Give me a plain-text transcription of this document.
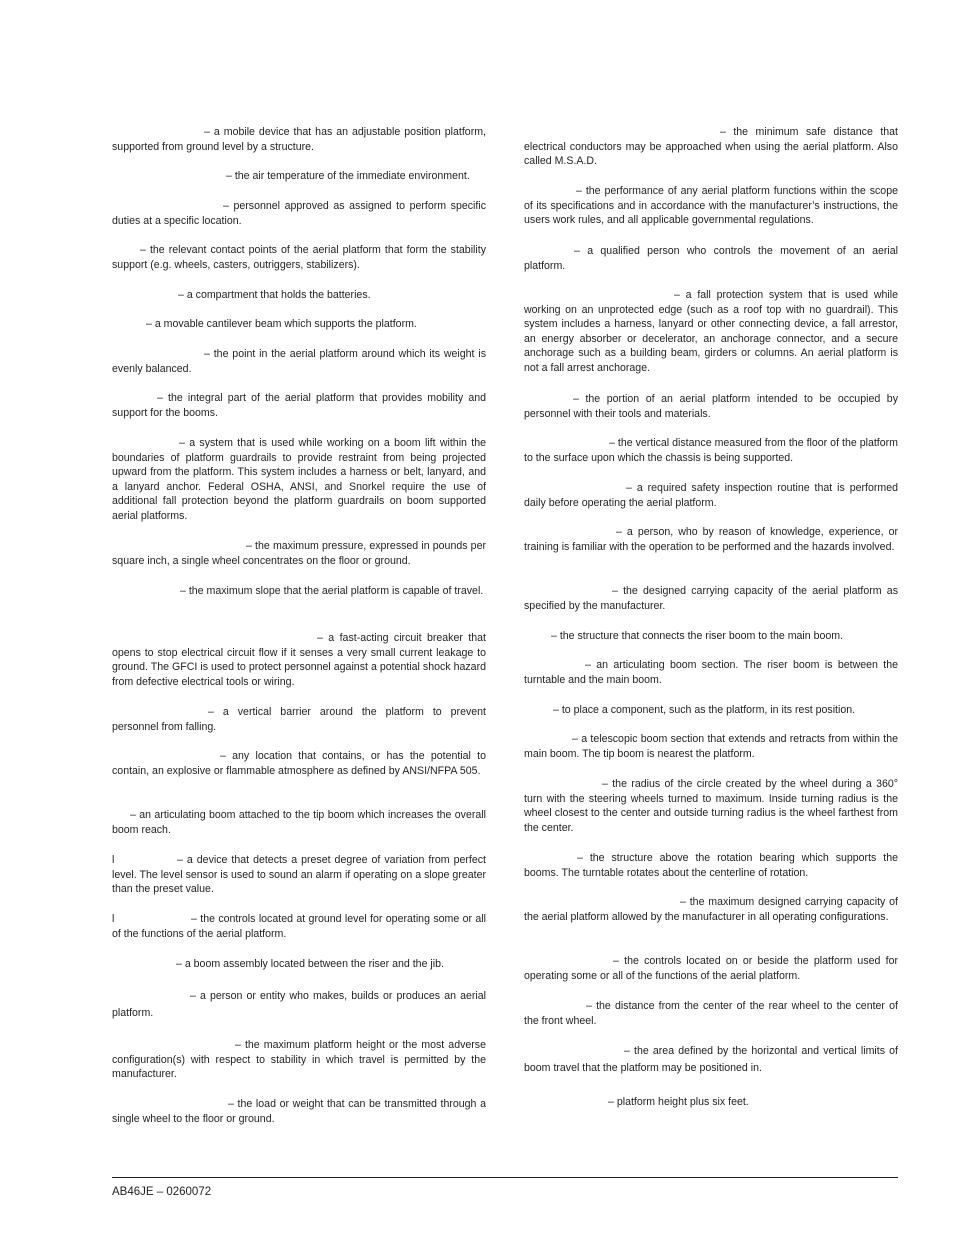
– a mobile device that has an adjustable position platform, supported from ground level by a structure.

– the air temperature of the immediate environment.

– personnel approved as assigned to perform specific duties at a specific location.

– the relevant contact points of the aerial platform that form the stability support (e.g. wheels, casters, outriggers, stabilizers).

– a compartment that holds the batteries.

– a movable cantilever beam which supports the platform.

– the point in the aerial platform around which its weight is evenly balanced.

– the integral part of the aerial platform that provides mobility and support for the booms.

– a system that is used while working on a boom lift within the boundaries of platform guardrails to provide restraint from being projected upward from the platform. This system includes a harness or belt, lanyard, and a lanyard anchor. Federal OSHA, ANSI, and Snorkel require the use of additional fall protection beyond the platform guardrails on boom supported aerial platforms.

– the maximum pressure, expressed in pounds per square inch, a single wheel concentrates on the floor or ground.

– the maximum slope that the aerial platform is capable of travel.

– a fast-acting circuit breaker that opens to stop electrical circuit flow if it senses a very small current leakage to ground. The GFCI is used to protect personnel against a potential shock hazard from defective electrical tools or wiring.

– a vertical barrier around the platform to prevent personnel from falling.

– any location that contains, or has the potential to contain, an explosive or flammable atmosphere as defined by ANSI/NFPA 505.

– an articulating boom attached to the tip boom which increases the overall boom reach.

l	– a device that detects a preset degree of variation from perfect level. The level sensor is used to sound an alarm if operating on a slope greater than the preset value.

l	– the controls located at ground level for operating some or all of the functions of the aerial platform.

– a boom assembly located between the riser and the jib.

– a person or entity who makes, builds or produces an aerial platform.

– the maximum platform height or the most adverse configuration(s) with respect to stability in which travel is permitted by the manufacturer.

– the load or weight that can be transmitted through a single wheel to the floor or ground.

– the minimum safe distance that electrical conductors may be approached when using the aerial platform. Also called M.S.A.D.

– the performance of any aerial platform functions within the scope of its specifications and in accordance with the manufacturer’s instructions, the users work rules, and all applicable governmental regulations.

– a qualified person who controls the movement of an aerial platform.

– a fall protection system that is used while working on an unprotected edge (such as a roof top with no guardrail). This system includes a harness, lanyard or other connecting device, a fall arrestor, an energy absorber or decelerator, an anchorage connector, and a secure anchorage such as a building beam, girders or columns. An aerial platform is not a fall arrest anchorage.

– the portion of an aerial platform intended to be occupied by personnel with their tools and materials.

– the vertical distance measured from the floor of the platform to the surface upon which the chassis is being supported.

– a required safety inspection routine that is performed daily before operating the aerial platform.

– a person, who by reason of knowledge, experience, or training is familiar with the operation to be performed and the hazards involved.

– the designed carrying capacity of the aerial platform as specified by the manufacturer.

– the structure that connects the riser boom to the main boom.

– an articulating boom section. The riser boom is between the turntable and the main boom.

– to place a component, such as the platform, in its rest position.

– a telescopic boom section that extends and retracts from within the main boom. The tip boom is nearest the platform.

– the radius of the circle created by the wheel during a 360° turn with the steering wheels turned to maximum. Inside turning radius is the wheel closest to the center and outside turning radius is the wheel farthest from the center.

– the structure above the rotation bearing which supports the booms. The turntable rotates about the centerline of rotation.

– the maximum designed carrying capacity of the aerial platform allowed by the manufacturer in all operating configurations.

– the controls located on or beside the platform used for operating some or all of the functions of the aerial platform.

– the distance from the center of the rear wheel to the center of the front wheel.

– the area defined by the horizontal and vertical limits of boom travel that the platform may be positioned in.

– platform height plus six feet.

AB46JE – 0260072
